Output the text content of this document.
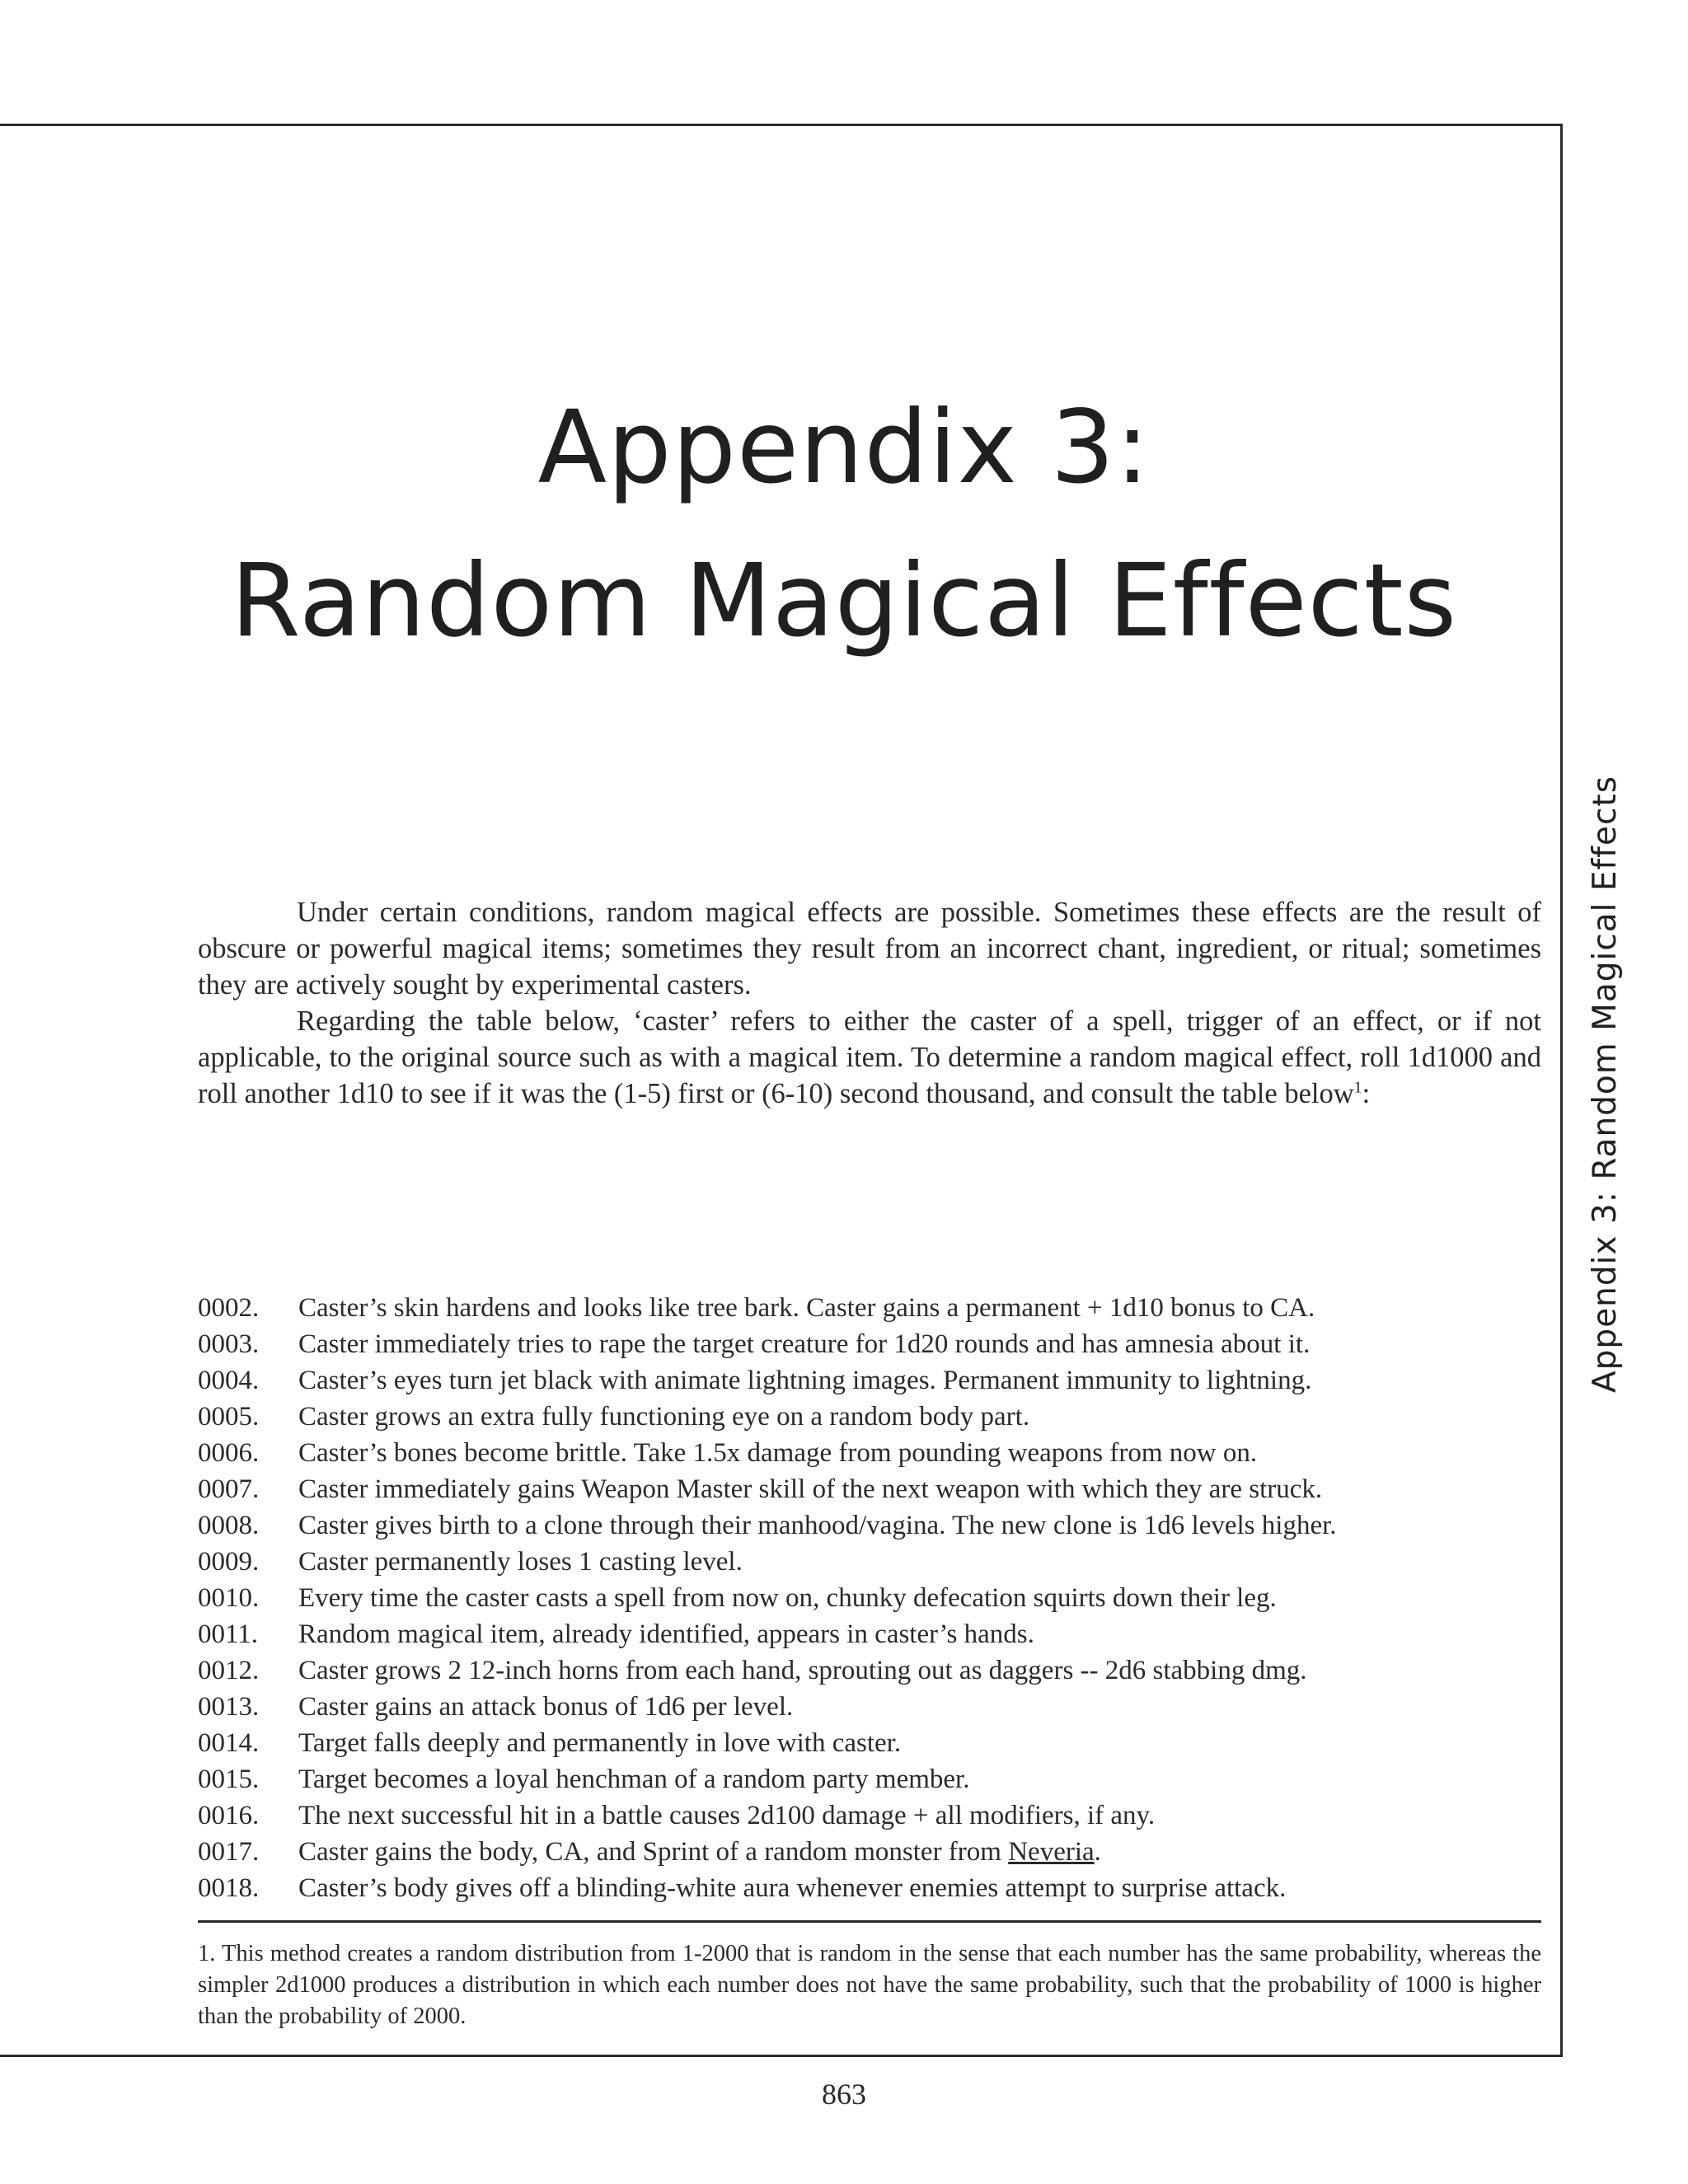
Appendix 3:
Random Magical Effects
Appendix 3: Random Magical Effects

Under certain conditions, random magical effects are possible. Sometimes these effects are the result of obscure or powerful magical items; sometimes they result from an incorrect chant, ingredient, or ritual; sometimes they are actively sought by experimental casters.

Regarding the table below, ‘caster’ refers to either the caster of a spell, trigger of an effect, or if not applicable, to the original source such as with a magical item. To determine a random magical effect, roll 1d1000 and roll another 1d10 to see if it was the (1-5) first or (6-10) second thousand, and consult the table below$^1$:

0002.	Caster’s skin hardens and looks like tree bark. Caster gains a permanent + 1d10 bonus to CA.
0003.	Caster immediately tries to rape the target creature for 1d20 rounds and has amnesia about it.
0004.	Caster’s eyes turn jet black with animate lightning images. Permanent immunity to lightning.
0005.	Caster grows an extra fully functioning eye on a random body part.
0006.	Caster’s bones become brittle. Take 1.5x damage from pounding weapons from now on.
0007.	Caster immediately gains Weapon Master skill of the next weapon with which they are struck.
0008.	Caster gives birth to a clone through their manhood/vagina. The new clone is 1d6 levels higher.
0009.	Caster permanently loses 1 casting level.
0010.	Every time the caster casts a spell from now on, chunky defecation squirts down their leg.
0011.	Random magical item, already identified, appears in caster’s hands.
0012.	Caster grows 2 12-inch horns from each hand, sprouting out as daggers -- 2d6 stabbing dmg.
0013.	Caster gains an attack bonus of 1d6 per level.
0014.	Target falls deeply and permanently in love with caster.
0015.	Target becomes a loyal henchman of a random party member.
0016.	The next successful hit in a battle causes 2d100 damage + all modifiers, if any.
0017.	Caster gains the body, CA, and Sprint of a random monster from Neveria.
0018.	Caster’s body gives off a blinding-white aura whenever enemies attempt to surprise attack.
1. This method creates a random distribution from 1-2000 that is random in the sense that each number has the same probability, whereas the simpler 2d1000 produces a distribution in which each number does not have the same probability, such that the probability of 1000 is higher than the probability of 2000.
863
